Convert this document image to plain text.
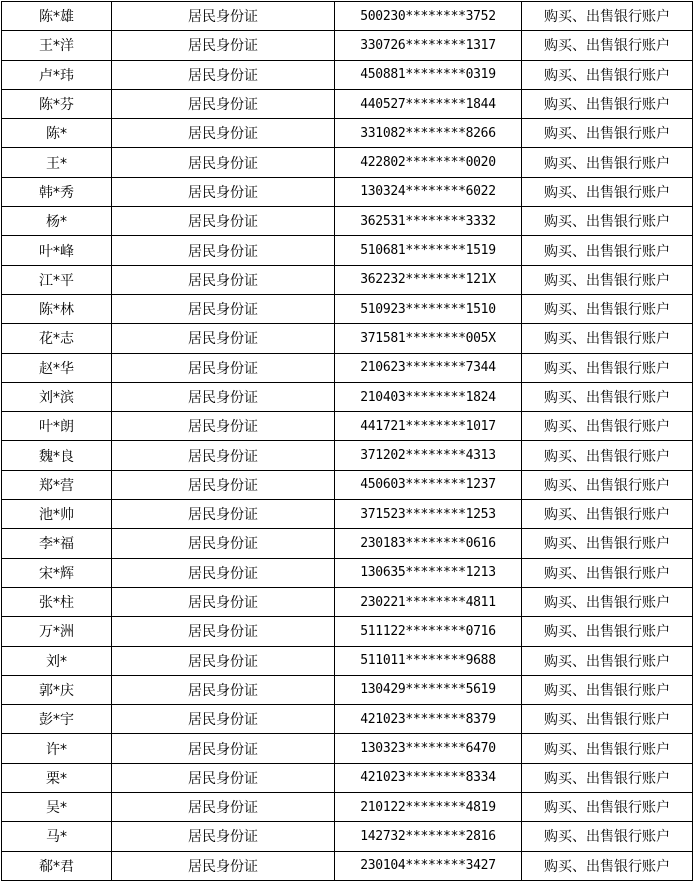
陈*雄	居民身份证	500230********3752	购买、出售银行账户
王*洋	居民身份证	330726********1317	购买、出售银行账户
卢*玮	居民身份证	450881********0319	购买、出售银行账户
陈*芬	居民身份证	440527********1844	购买、出售银行账户
陈*	居民身份证	331082********8266	购买、出售银行账户
王*	居民身份证	422802********0020	购买、出售银行账户
韩*秀	居民身份证	130324********6022	购买、出售银行账户
杨*	居民身份证	362531********3332	购买、出售银行账户
叶*峰	居民身份证	510681********1519	购买、出售银行账户
江*平	居民身份证	362232********121X	购买、出售银行账户
陈*林	居民身份证	510923********1510	购买、出售银行账户
花*志	居民身份证	371581********005X	购买、出售银行账户
赵*华	居民身份证	210623********7344	购买、出售银行账户
刘*滨	居民身份证	210403********1824	购买、出售银行账户
叶*朗	居民身份证	441721********1017	购买、出售银行账户
魏*良	居民身份证	371202********4313	购买、出售银行账户
郑*营	居民身份证	450603********1237	购买、出售银行账户
池*帅	居民身份证	371523********1253	购买、出售银行账户
李*福	居民身份证	230183********0616	购买、出售银行账户
宋*辉	居民身份证	130635********1213	购买、出售银行账户
张*柱	居民身份证	230221********4811	购买、出售银行账户
万*洲	居民身份证	511122********0716	购买、出售银行账户
刘*	居民身份证	511011********9688	购买、出售银行账户
郭*庆	居民身份证	130429********5619	购买、出售银行账户
彭*宇	居民身份证	421023********8379	购买、出售银行账户
许*	居民身份证	130323********6470	购买、出售银行账户
栗*	居民身份证	421023********8334	购买、出售银行账户
吴*	居民身份证	210122********4819	购买、出售银行账户
马*	居民身份证	142732********2816	购买、出售银行账户
郗*君	居民身份证	230104********3427	购买、出售银行账户
